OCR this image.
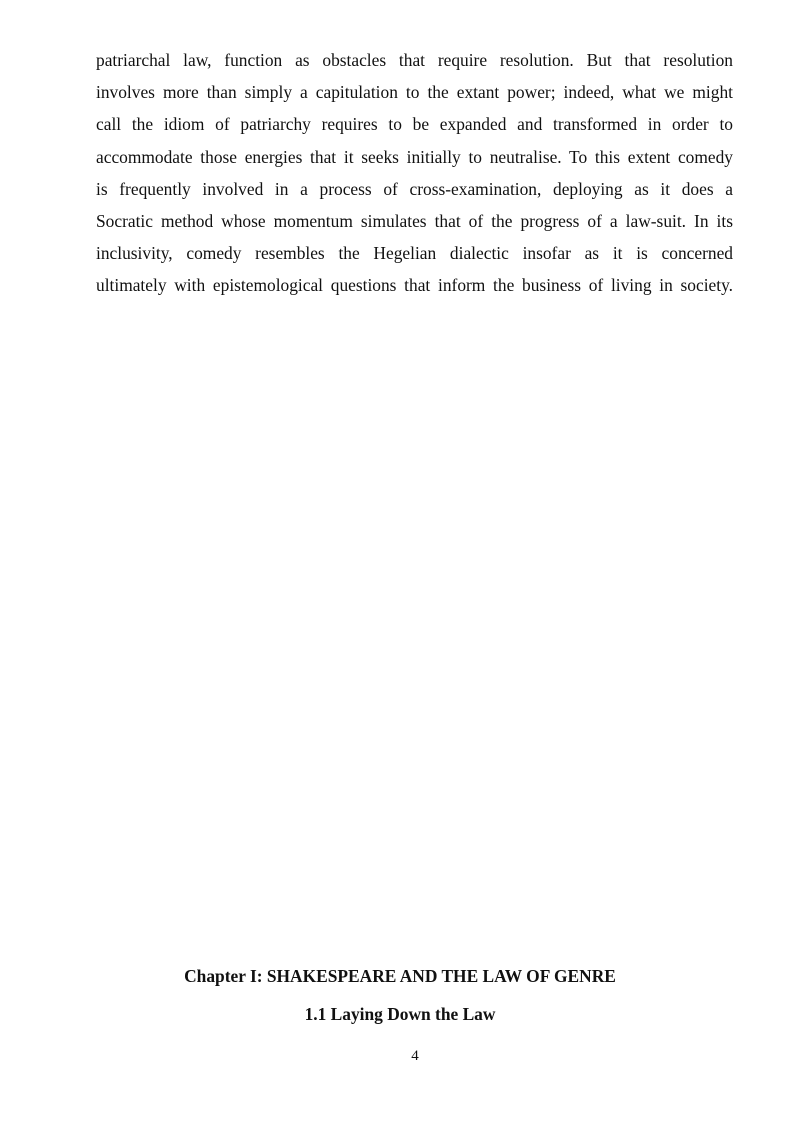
patriarchal law, function as obstacles that require resolution. But that resolution
involves more than simply a capitulation to the extant power; indeed, what we might
call the idiom of patriarchy requires to be expanded and transformed in order to
accommodate those energies that it seeks initially to neutralise. To this extent comedy
is frequently involved in a process of cross-examination, deploying as it does a
Socratic method whose momentum simulates that of the progress of a law-suit. In its
inclusivity, comedy resembles the Hegelian dialectic insofar as it is concerned
ultimately with epistemological questions that inform the business of living in society.

Chapter I: SHAKESPEARE AND THE LAW OF GENRE
1.1 Laying Down the Law
4
